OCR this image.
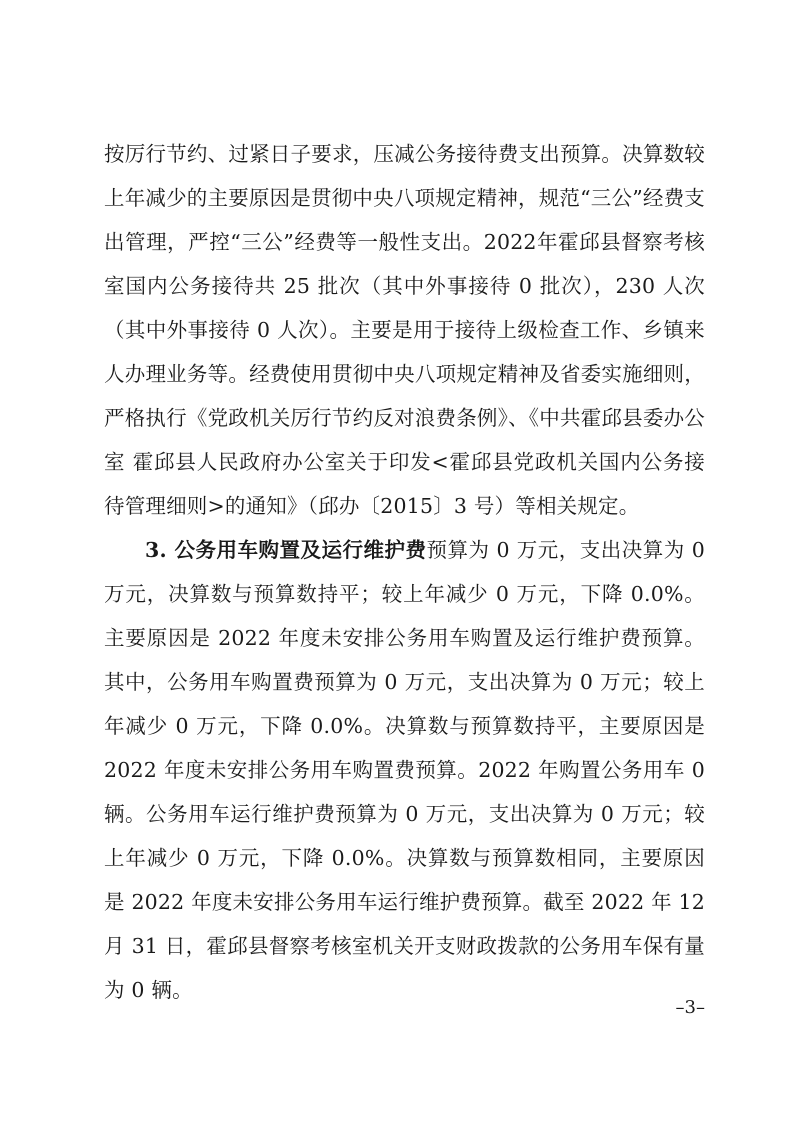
按厉行节约、过紧日子要求，压减公务接待费支出预算。决算数较上年减少的主要原因是贯彻中央八项规定精神，规范“三公”经费支出管理，严控“三公”经费等一般性支出。2022年霍邱县督察考核室国内公务接待共 25 批次（其中外事接待 0 批次），230 人次（其中外事接待 0 人次）。主要是用于接待上级检查工作、乡镇来人办理业务等。经费使用贯彻中央八项规定精神及省委实施细则，严格执行《党政机关厉行节约反对浪费条例》、《中共霍邱县委办公室 霍邱县人民政府办公室关于印发<霍邱县党政机关国内公务接待管理细则>的通知》（邱办〔2015〕3 号）等相关规定。

3. 公务用车购置及运行维护费预算为 0 万元，支出决算为 0 万元，决算数与预算数持平；较上年减少 0 万元，下降 0.0%。主要原因是 2022 年度未安排公务用车购置及运行维护费预算。其中，公务用车购置费预算为 0 万元，支出决算为 0 万元；较上年减少 0 万元，下降 0.0%。决算数与预算数持平，主要原因是 2022 年度未安排公务用车购置费预算。2022 年购置公务用车 0 辆。公务用车运行维护费预算为 0 万元，支出决算为 0 万元；较上年减少 0 万元，下降 0.0%。决算数与预算数相同，主要原因是 2022 年度未安排公务用车运行维护费预算。截至 2022 年 12 月 31 日，霍邱县督察考核室机关开支财政拨款的公务用车保有量为 0 辆。

–3–
